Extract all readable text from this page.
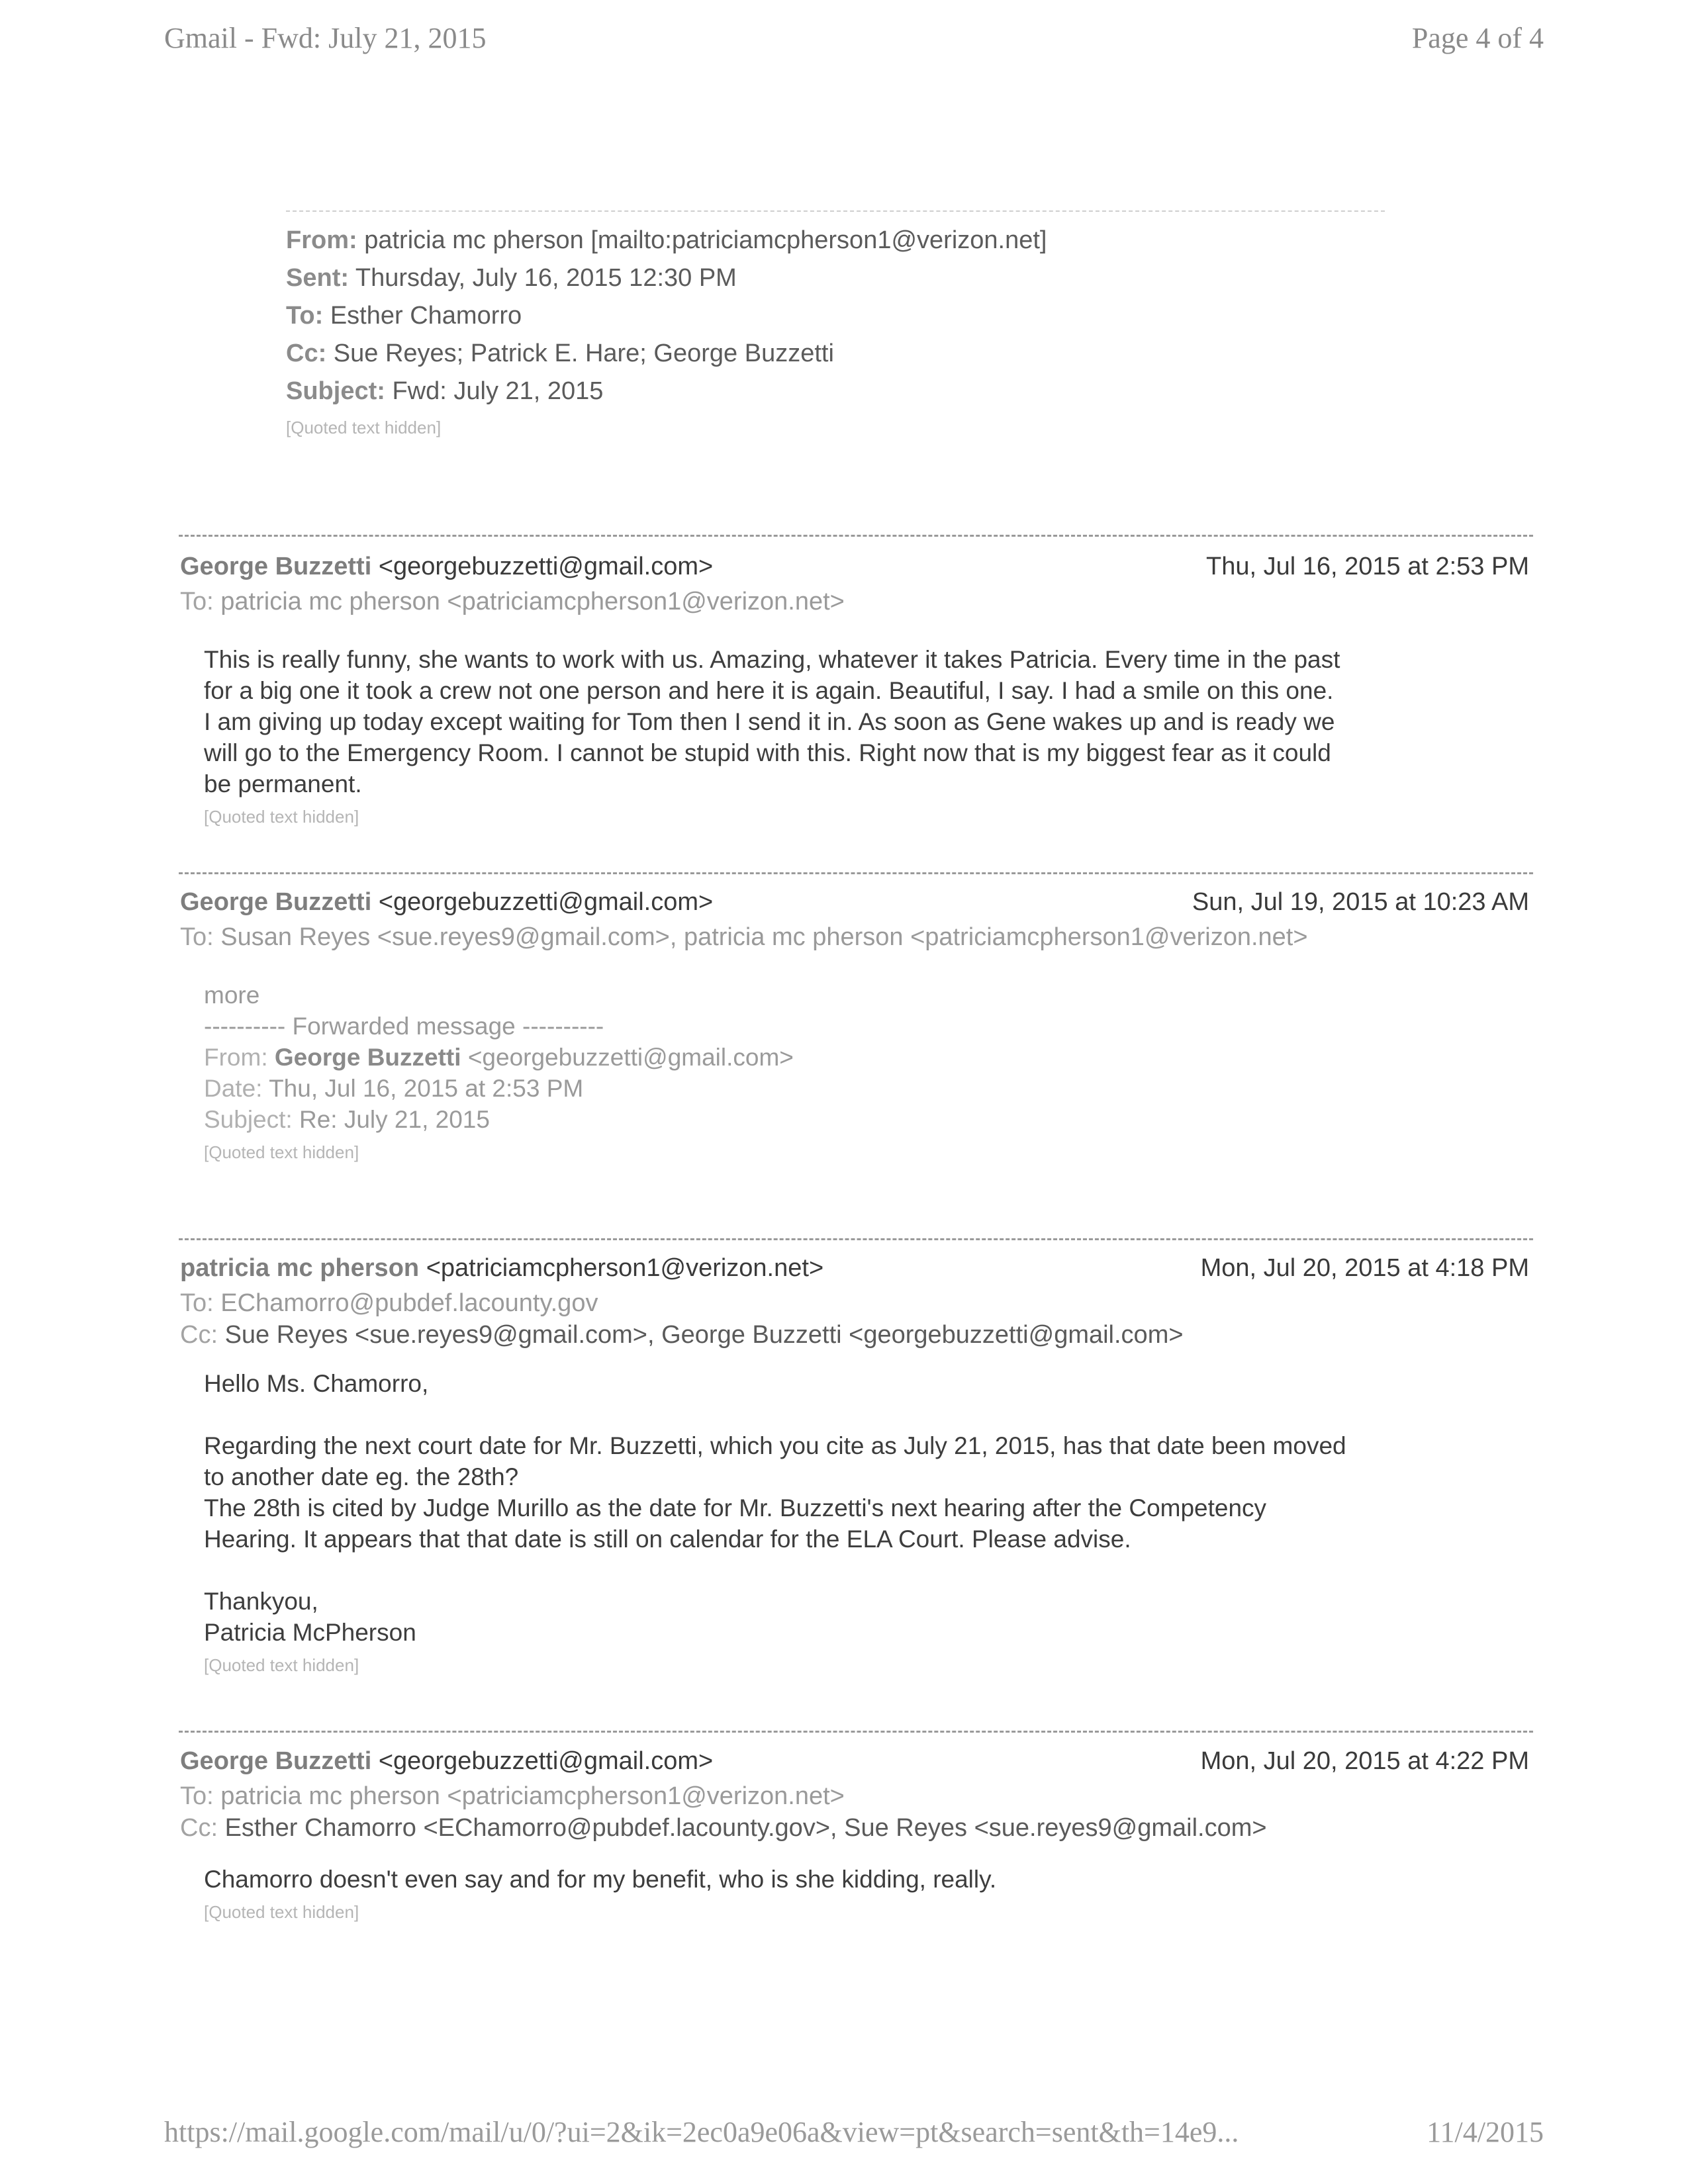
Gmail - Fwd: July 21, 2015	Page 4 of 4
From: patricia mc pherson [mailto:patriciamcpherson1@verizon.net]
Sent: Thursday, July 16, 2015 12:30 PM
To: Esther Chamorro
Cc: Sue Reyes; Patrick E. Hare; George Buzzetti
Subject: Fwd: July 21, 2015
[Quoted text hidden]
George Buzzetti <georgebuzzetti@gmail.com>	Thu, Jul 16, 2015 at 2:53 PM
To: patricia mc pherson <patriciamcpherson1@verizon.net>

This is really funny, she wants to work with us. Amazing, whatever it takes Patricia. Every time in the past

for a big one it took a crew not one person and here it is again. Beautiful, I say. I had a smile on this one.

I am giving up today except waiting for Tom then I send it in. As soon as Gene wakes up and is ready we

will go to the Emergency Room. I cannot be stupid with this. Right now that is my biggest fear as it could

be permanent.

[Quoted text hidden]
George Buzzetti <georgebuzzetti@gmail.com>	Sun, Jul 19, 2015 at 10:23 AM
To: Susan Reyes <sue.reyes9@gmail.com>, patricia mc pherson <patriciamcpherson1@verizon.net>

more

---------- Forwarded message ----------

From: George Buzzetti <georgebuzzetti@gmail.com>

Date: Thu, Jul 16, 2015 at 2:53 PM

Subject: Re: July 21, 2015

[Quoted text hidden]
patricia mc pherson <patriciamcpherson1@verizon.net>	Mon, Jul 20, 2015 at 4:18 PM
To: EChamorro@pubdef.lacounty.gov
Cc: Sue Reyes <sue.reyes9@gmail.com>, George Buzzetti <georgebuzzetti@gmail.com>

Hello Ms. Chamorro,

Regarding the next court date for Mr. Buzzetti, which you cite as July 21, 2015, has that date been moved

to another date eg. the 28th?

The 28th is cited by Judge Murillo as the date for Mr. Buzzetti's next hearing after the Competency

Hearing. It appears that that date is still on calendar for the ELA Court. Please advise.

Thankyou,

Patricia McPherson

[Quoted text hidden]
George Buzzetti <georgebuzzetti@gmail.com>	Mon, Jul 20, 2015 at 4:22 PM
To: patricia mc pherson <patriciamcpherson1@verizon.net>
Cc: Esther Chamorro <EChamorro@pubdef.lacounty.gov>, Sue Reyes <sue.reyes9@gmail.com>

Chamorro doesn't even say and for my benefit, who is she kidding, really.

[Quoted text hidden]
https://mail.google.com/mail/u/0/?ui=2&ik=2ec0a9e06a&view=pt&search=sent&th=14e9...	11/4/2015
